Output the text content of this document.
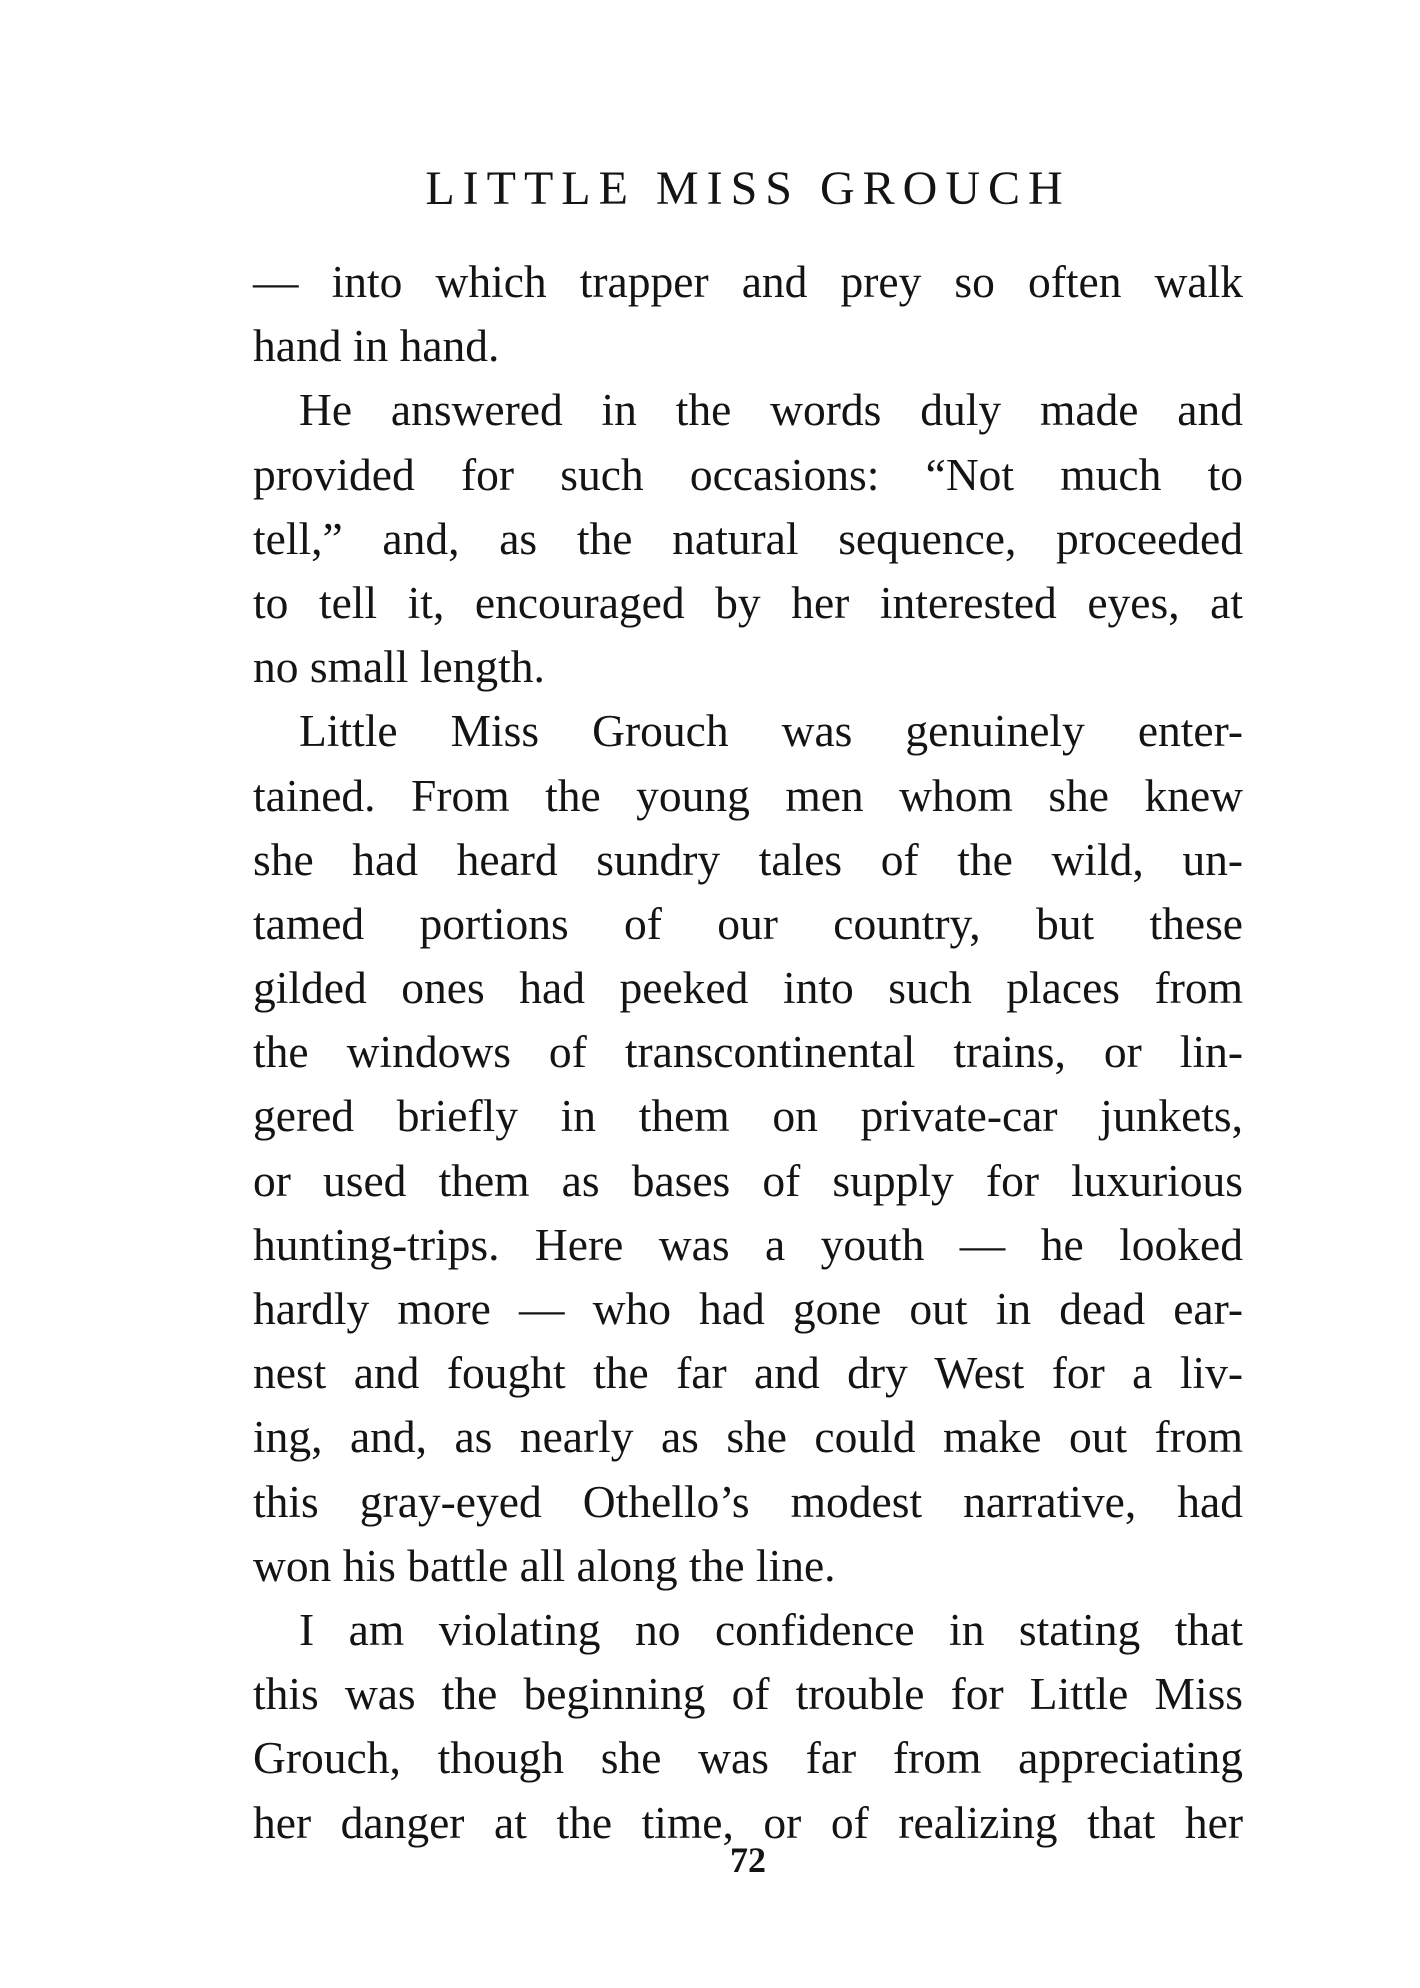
LITTLE MISS GROUCH

— into which trapper and prey so often walk
hand in hand.

He answered in the words duly made and
provided for such occasions: “Not much to
tell,” and, as the natural sequence, proceeded
to tell it, encouraged by her interested eyes, at
no small length.

Little Miss Grouch was genuinely enter-
tained. From the young men whom she knew
she had heard sundry tales of the wild, un-
tamed portions of our country, but these
gilded ones had peeked into such places from
the windows of transcontinental trains, or lin-
gered briefly in them on private-car junkets,
or used them as bases of supply for luxurious
hunting-trips. Here was a youth — he looked
hardly more — who had gone out in dead ear-
nest and fought the far and dry West for a liv-
ing, and, as nearly as she could make out from
this gray-eyed Othello’s modest narrative, had
won his battle all along the line.

I am violating no confidence in stating that
this was the beginning of trouble for Little Miss
Grouch, though she was far from appreciating
her danger at the time, or of realizing that her

72
